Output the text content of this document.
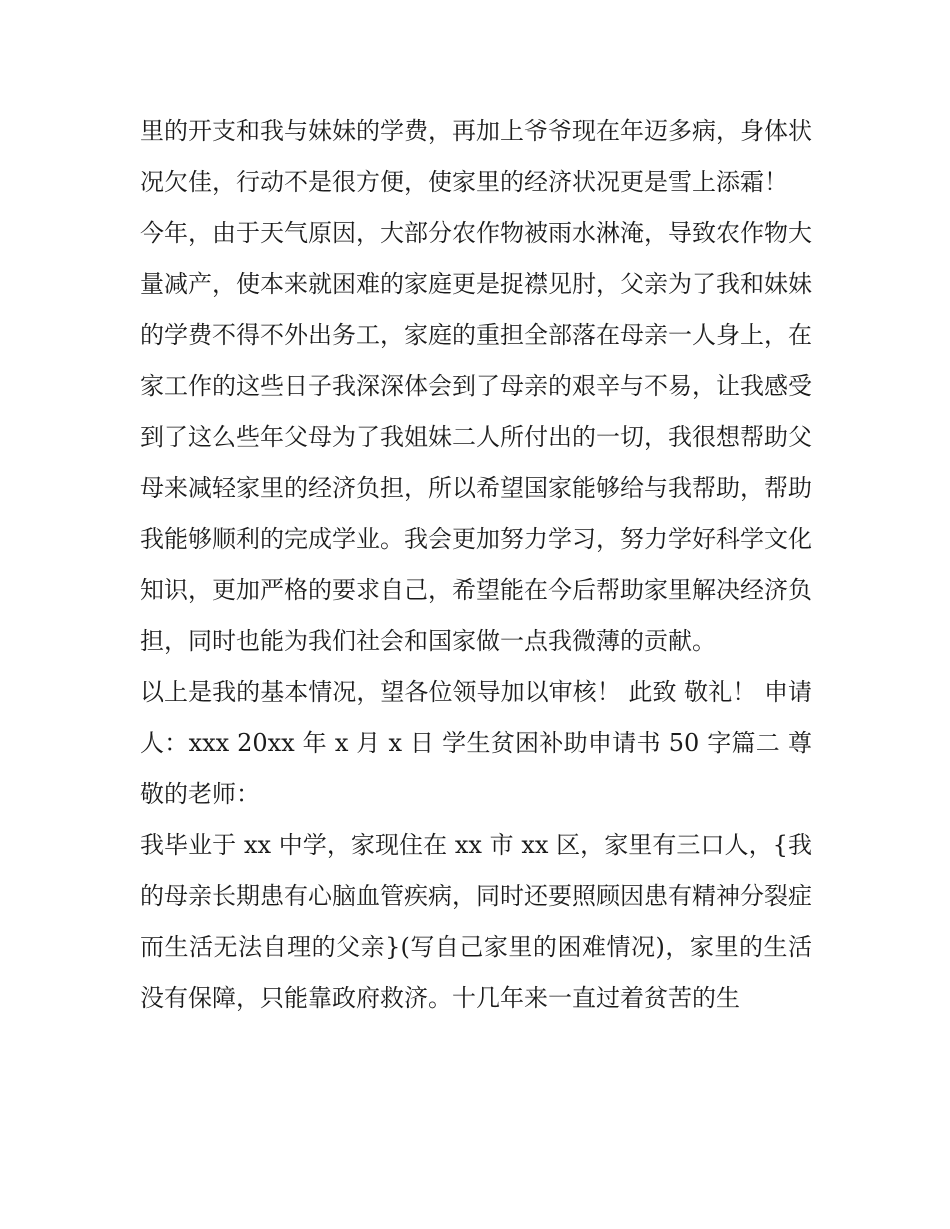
里的开支和我与妹妹的学费，再加上爷爷现在年迈多病，身体状况欠佳，行动不是很方便，使家里的经济状况更是雪上添霜！

今年，由于天气原因，大部分农作物被雨水淋淹，导致农作物大量减产，使本来就困难的家庭更是捉襟见肘，父亲为了我和妹妹的学费不得不外出务工，家庭的重担全部落在母亲一人身上，在家工作的这些日子我深深体会到了母亲的艰辛与不易，让我感受到了这么些年父母为了我姐妹二人所付出的一切，我很想帮助父母来减轻家里的经济负担，所以希望国家能够给与我帮助，帮助我能够顺利的完成学业。我会更加努力学习，努力学好科学文化知识，更加严格的要求自己，希望能在今后帮助家里解决经济负担，同时也能为我们社会和国家做一点我微薄的贡献。

以上是我的基本情况，望各位领导加以审核！ 此致 敬礼！ 申请人：xxx 20xx 年 x 月 x 日 学生贫困补助申请书 50 字篇二 尊敬的老师：

我毕业于 xx 中学，家现住在 xx 市 xx 区，家里有三口人，{我的母亲长期患有心脑血管疾病，同时还要照顾因患有精神分裂症而生活无法自理的父亲}(写自己家里的困难情况)，家里的生活没有保障，只能靠政府救济。十几年来一直过着贫苦的生
